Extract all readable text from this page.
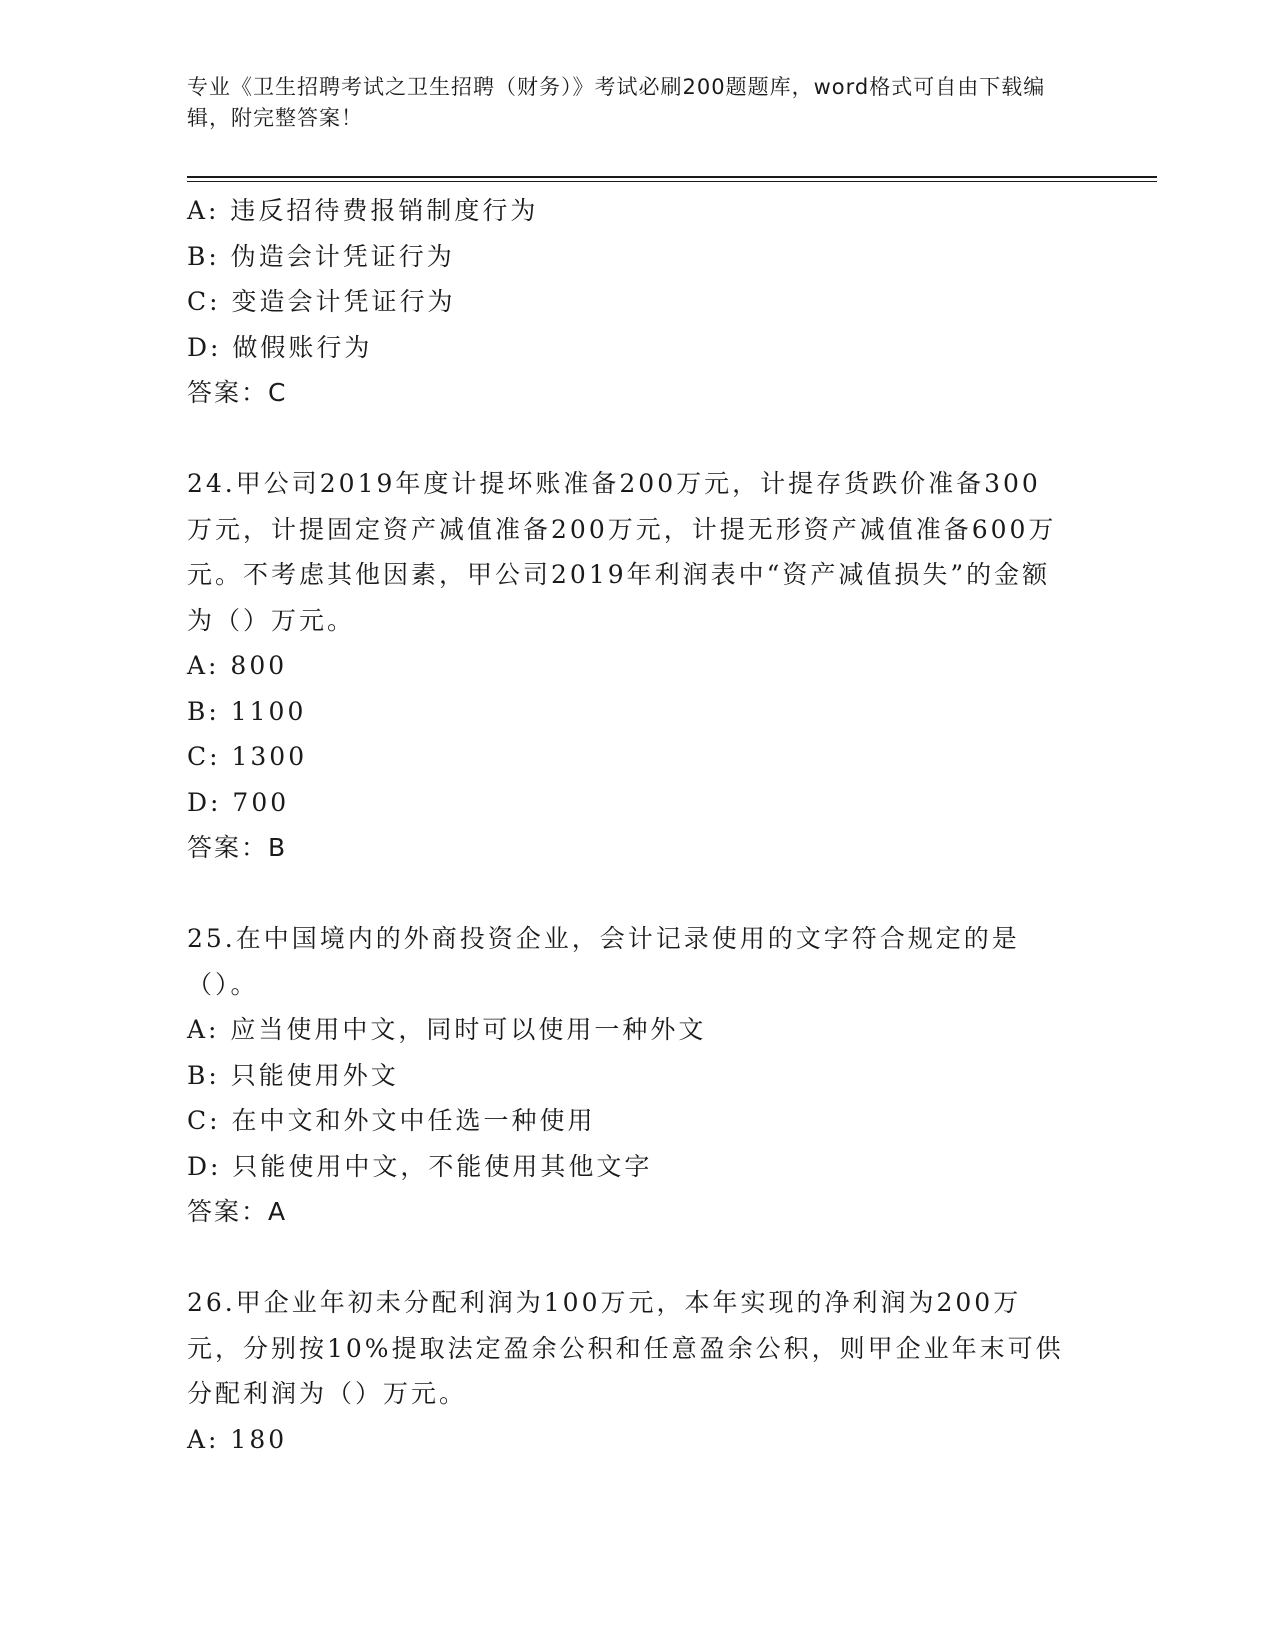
专业《卫生招聘考试之卫生招聘（财务）》考试必刷200题题库，word格式可自由下载编辑，附完整答案！
A: 违反招待费报销制度行为
B: 伪造会计凭证行为
C: 变造会计凭证行为
D: 做假账行为
答案：C
24.甲公司2019年度计提坏账准备200万元，计提存货跌价准备300万元，计提固定资产减值准备200万元，计提无形资产减值准备600万元。不考虑其他因素，甲公司2019年利润表中“资产减值损失”的金额为（）万元。
A: 800
B: 1100
C: 1300
D: 700
答案：B
25.在中国境内的外商投资企业，会计记录使用的文字符合规定的是（）。
A: 应当使用中文，同时可以使用一种外文
B: 只能使用外文
C: 在中文和外文中任选一种使用
D: 只能使用中文，不能使用其他文字
答案：A
26.甲企业年初未分配利润为100万元，本年实现的净利润为200万元，分别按10%提取法定盈余公积和任意盈余公积，则甲企业年末可供分配利润为（）万元。
A: 180
